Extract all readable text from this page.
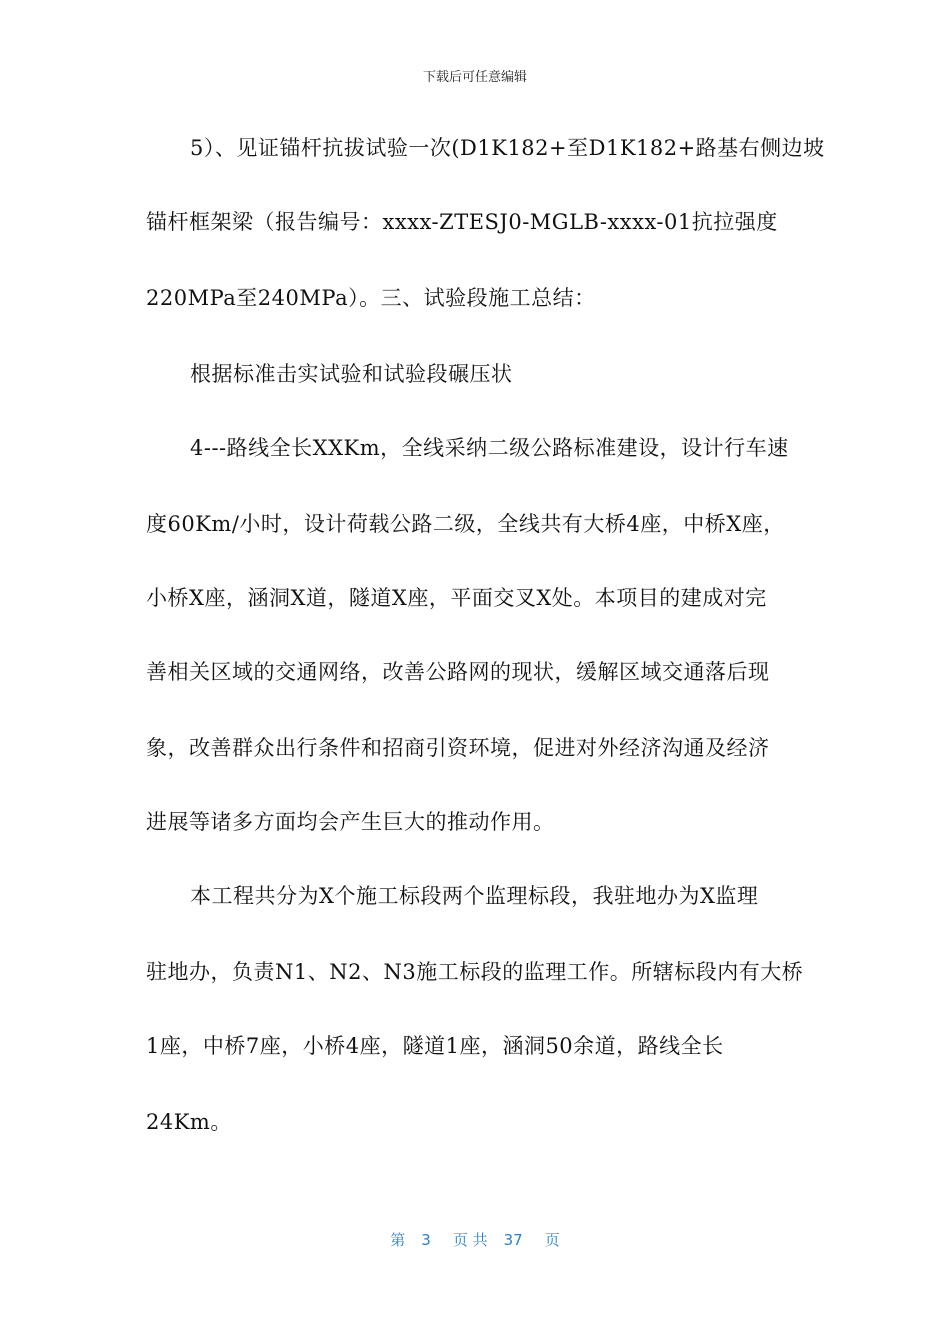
下载后可任意编辑
5）、见证锚杆抗拔试验一次(D1K182+至D1K182+路基右侧边坡
锚杆框架梁（报告编号：xxxx-ZTESJ0-MGLB-xxxx-01抗拉强度
220MPa至240MPa）。三、试验段施工总结：
根据标准击实试验和试验段碾压状
4---路线全长XXKm，全线采纳二级公路标准建设，设计行车速
度60Km/小时，设计荷载公路二级，全线共有大桥4座，中桥X座，
小桥X座，涵洞X道，隧道X座，平面交叉X处。本项目的建成对完
善相关区域的交通网络，改善公路网的现状，缓解区域交通落后现
象，改善群众出行条件和招商引资环境，促进对外经济沟通及经济
进展等诸多方面均会产生巨大的推动作用。
本工程共分为X个施工标段两个监理标段，我驻地办为X监理
驻地办，负责N1、N2、N3施工标段的监理工作。所辖标段内有大桥
1座，中桥7座，小桥4座，隧道1座，涵洞50余道，路线全长
24Km。
第 3 页 共 37 页
